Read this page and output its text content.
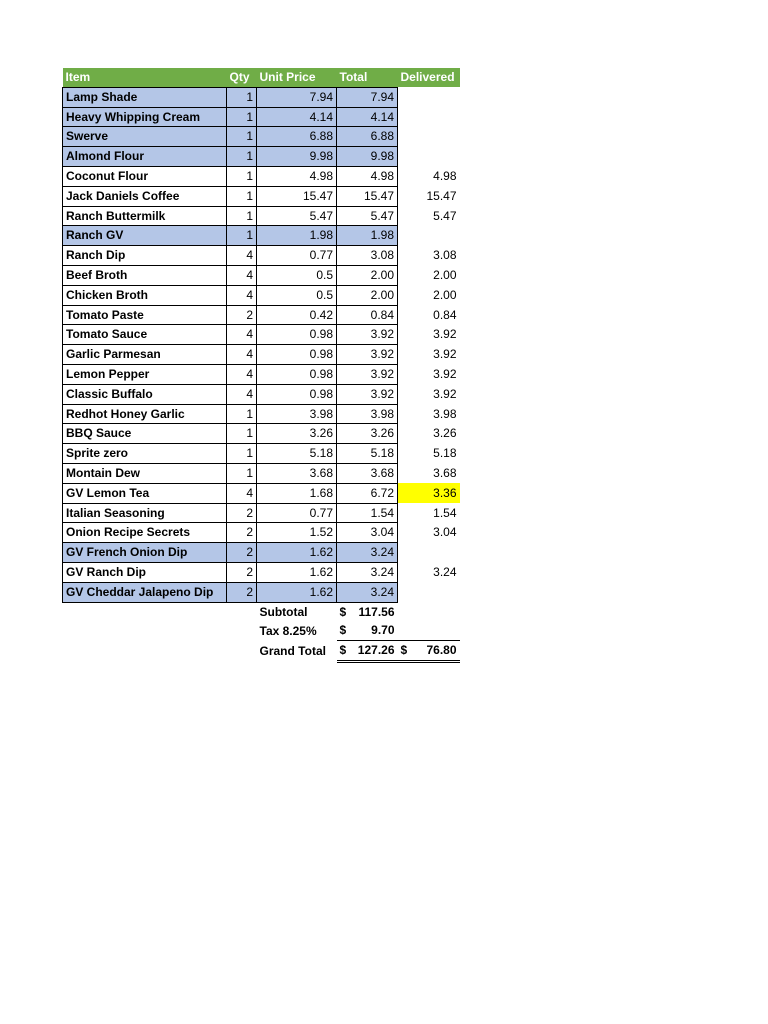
Item	Qty	Unit Price	Total	Delivered
Lamp Shade	1	7.94	7.94	
Heavy Whipping Cream	1	4.14	4.14	
Swerve	1	6.88	6.88	
Almond Flour	1	9.98	9.98	
Coconut Flour	1	4.98	4.98	4.98
Jack Daniels Coffee	1	15.47	15.47	15.47
Ranch Buttermilk	1	5.47	5.47	5.47
Ranch GV	1	1.98	1.98	
Ranch Dip	4	0.77	3.08	3.08
Beef Broth	4	0.5	2.00	2.00
Chicken Broth	4	0.5	2.00	2.00
Tomato Paste	2	0.42	0.84	0.84
Tomato Sauce	4	0.98	3.92	3.92
Garlic Parmesan	4	0.98	3.92	3.92
Lemon Pepper	4	0.98	3.92	3.92
Classic Buffalo	4	0.98	3.92	3.92
Redhot Honey Garlic	1	3.98	3.98	3.98
BBQ Sauce	1	3.26	3.26	3.26
Sprite zero	1	5.18	5.18	5.18
Montain Dew	1	3.68	3.68	3.68
GV Lemon Tea	4	1.68	6.72	3.36
Italian Seasoning	2	0.77	1.54	1.54
Onion Recipe Secrets	2	1.52	3.04	3.04
GV French Onion Dip	2	1.62	3.24	
GV Ranch Dip	2	1.62	3.24	3.24
GV Cheddar Jalapeno Dip	2	1.62	3.24	
		Subtotal	$ 117.56	
		Tax 8.25%	$ 9.70	
		Grand Total	$ 127.26	$ 76.80
